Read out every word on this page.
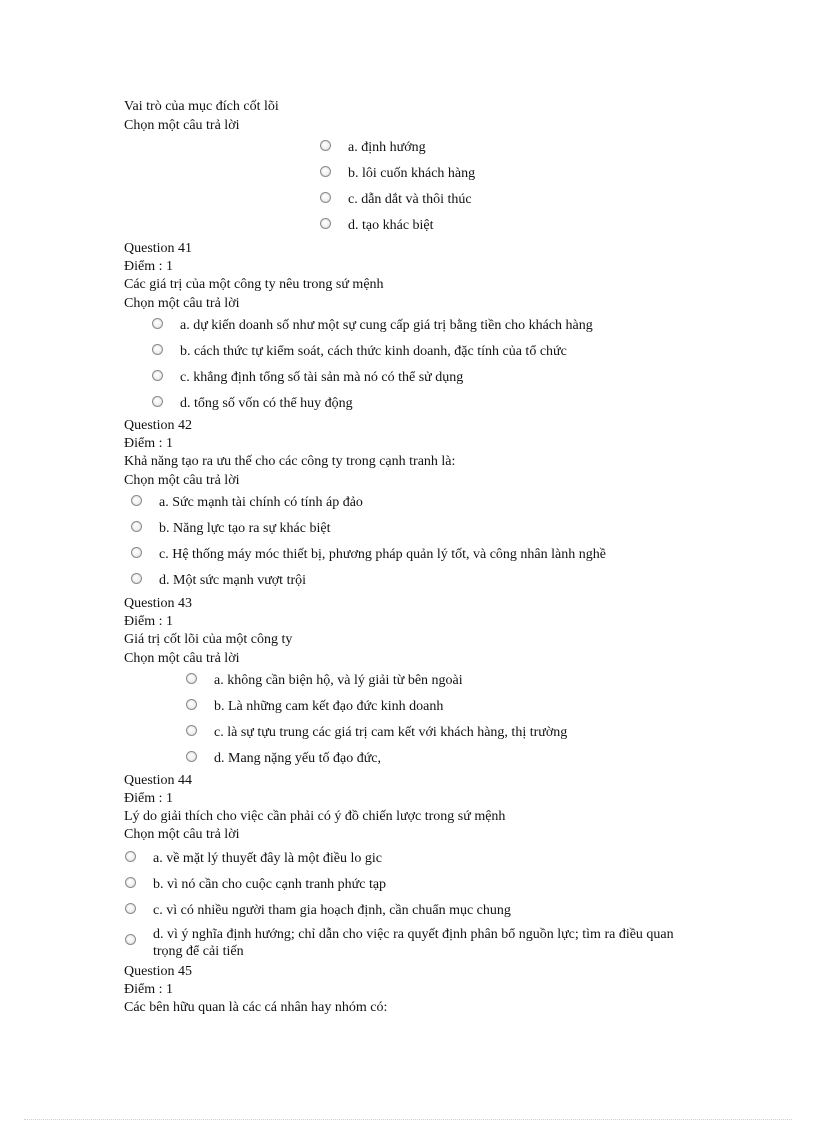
Vai trò của mục đích cốt lõi
Chọn một câu trả lời
a. định hướng
b. lôi cuốn khách hàng
c. dẫn dắt và thôi thúc
d. tạo khác biệt
Question 41
Điểm : 1
Các giá trị của một công ty nêu trong sứ mệnh
Chọn một câu trả lời
a. dự kiến doanh số như một sự cung cấp giá trị bằng tiền cho khách hàng
b. cách thức tự kiểm soát, cách thức kinh doanh, đặc tính của tổ chức
c. khẳng định tổng số tài sản mà nó có thể sử dụng
d. tổng số vốn có thể huy động
Question 42
Điểm : 1
Khả năng tạo ra ưu thế cho các công ty trong cạnh tranh là:
Chọn một câu trả lời
a. Sức mạnh tài chính có tính áp đảo
b. Năng lực tạo ra sự khác biệt
c. Hệ thống máy móc thiết bị, phương pháp quản lý tốt, và công nhân lành nghề
d. Một sức mạnh vượt trội
Question 43
Điểm : 1
Giá trị cốt lõi của một công ty
Chọn một câu trả lời
a. không cần biện hộ, và lý giải từ bên ngoài
b. Là những cam kết đạo đức kinh doanh
c. là sự tựu trung các giá trị cam kết với khách hàng, thị trường
d. Mang nặng yếu tố đạo đức,
Question 44
Điểm : 1
Lý do giải thích cho việc cần phải có ý đồ chiến lược trong sứ mệnh
Chọn một câu trả lời
a. về mặt lý thuyết đây là một điều lo gic
b. vì nó cần cho cuộc cạnh tranh phức tạp
c. vì có nhiều người tham gia hoạch định, cần chuẩn mục chung
d. vì ý nghĩa định hướng; chỉ dẫn cho việc ra quyết định phân bổ nguồn lực; tìm ra điều quan trọng để cải tiến
Question 45
Điểm : 1
Các bên hữu quan là các cá nhân hay nhóm có:
